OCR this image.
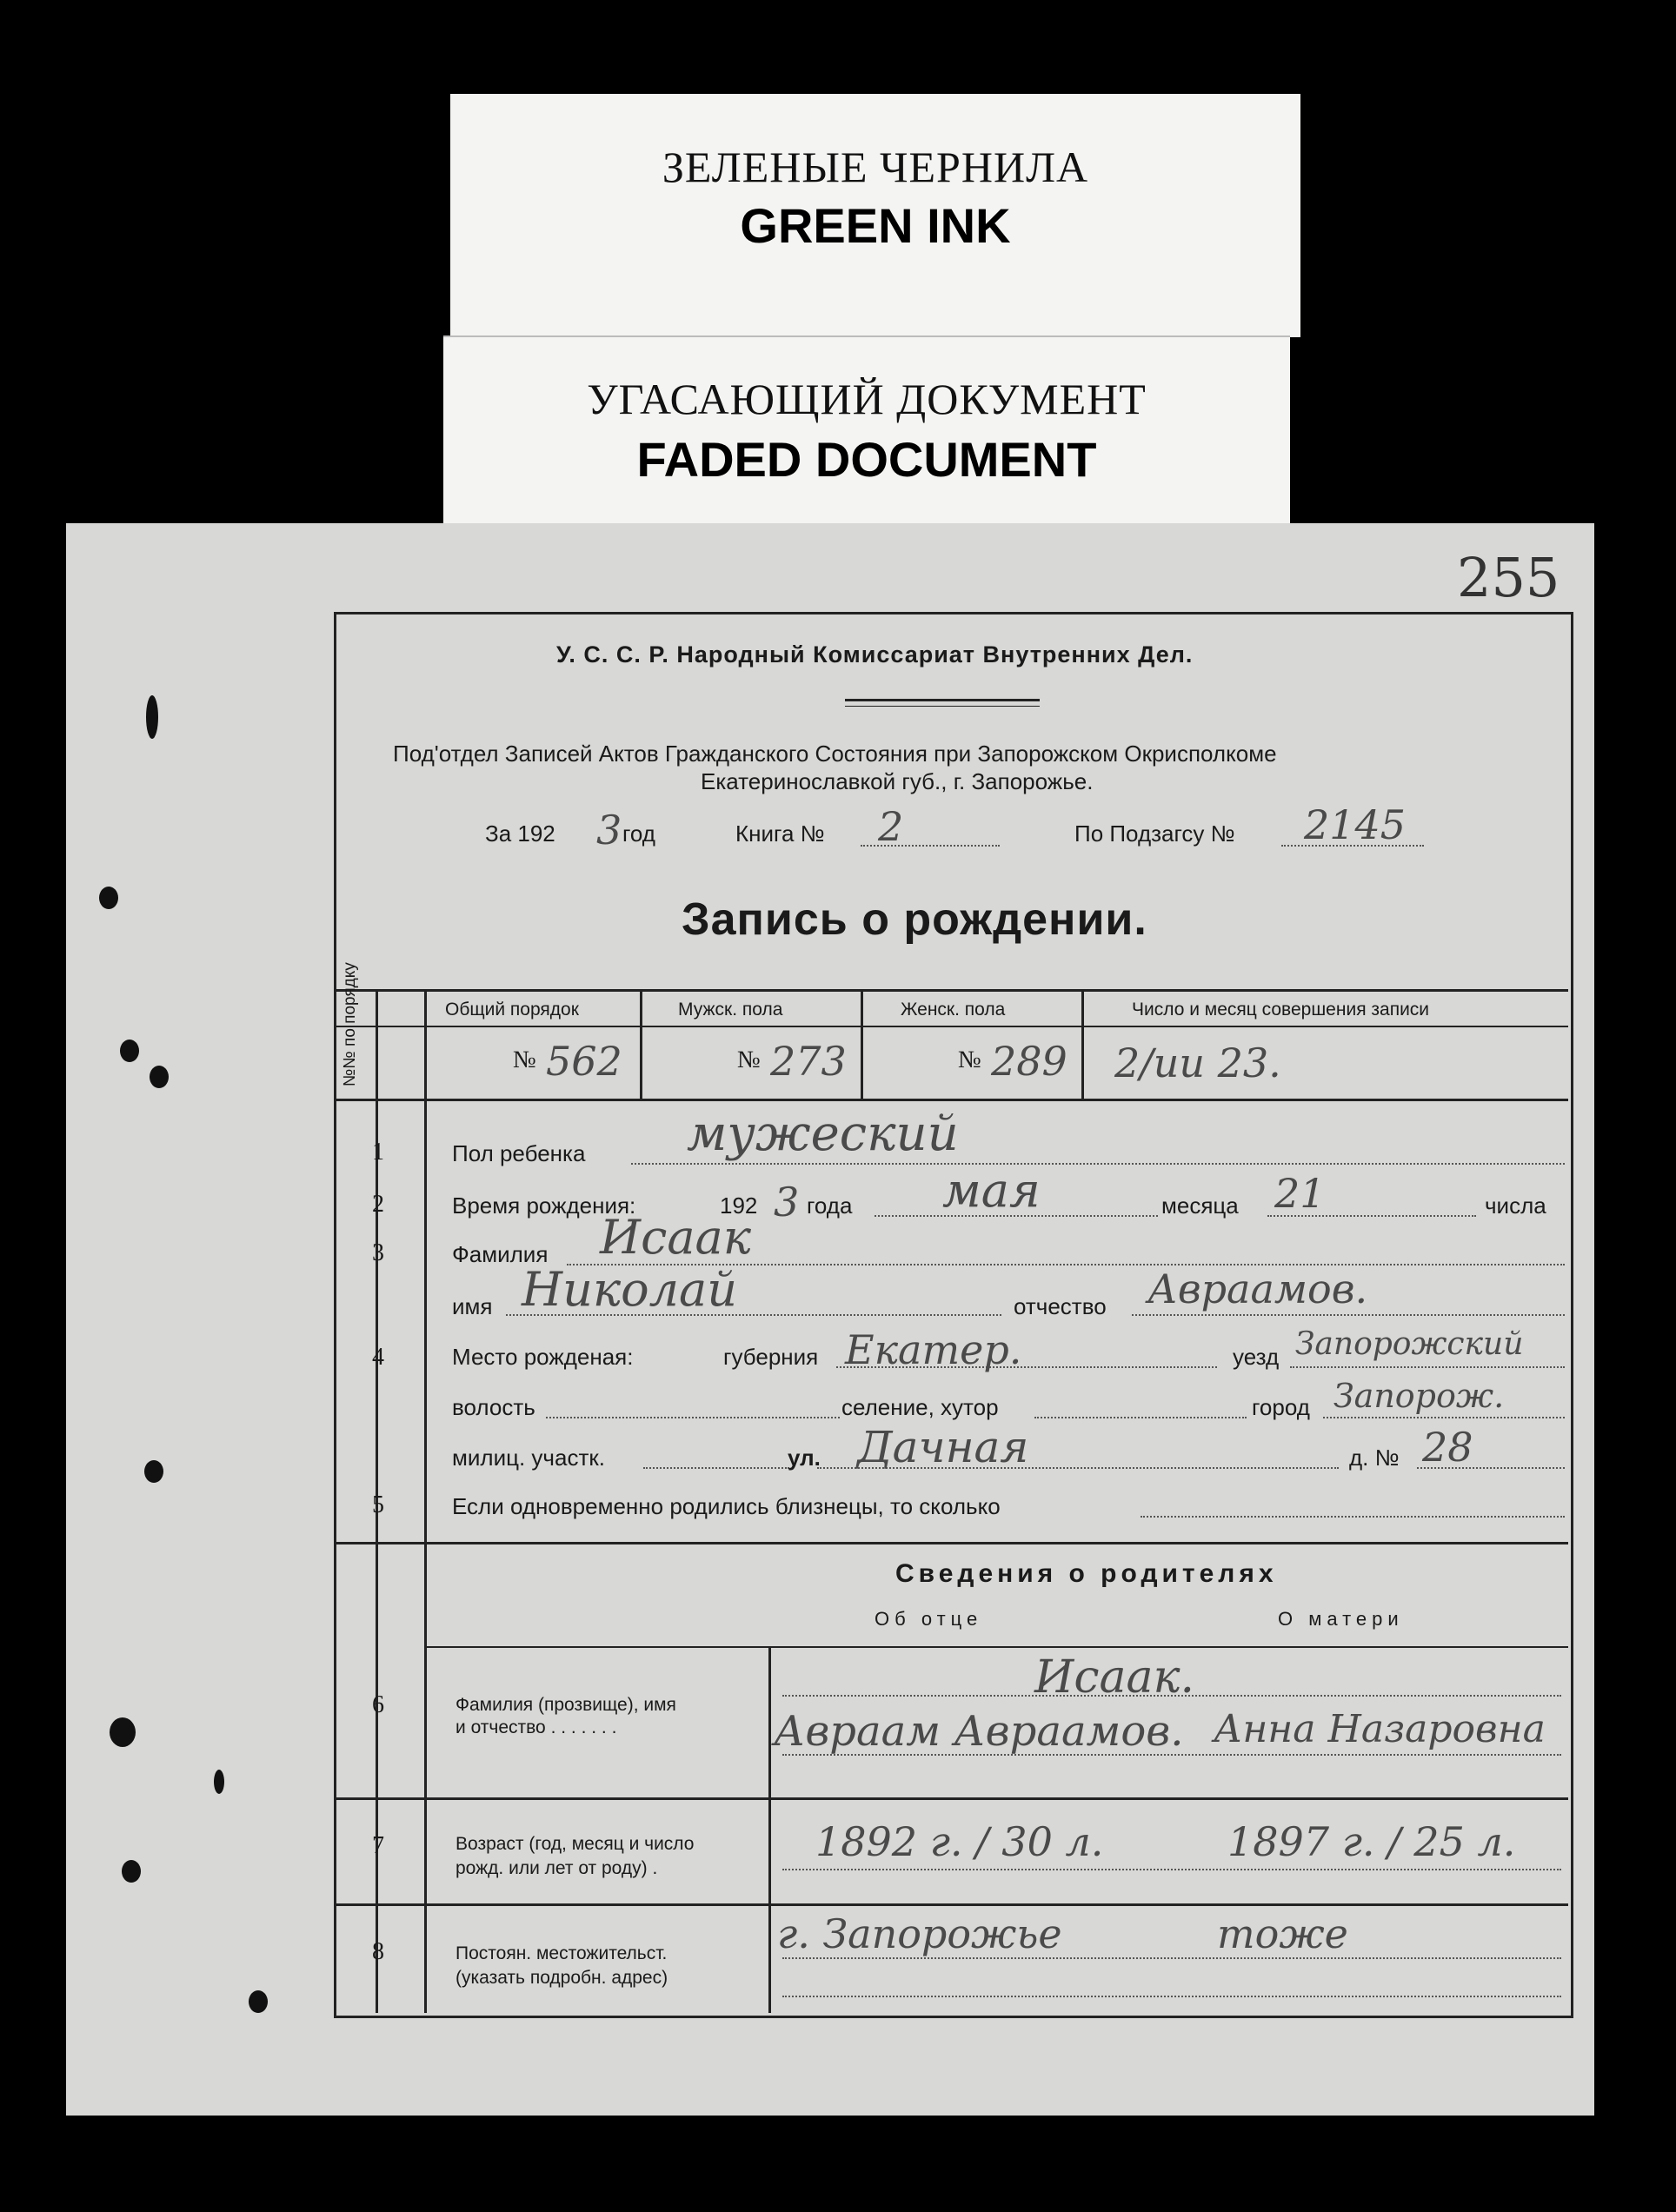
ЗЕЛЕНЫЕ ЧЕРНИЛА
GREEN INK
УГАСАЮЩИЙ ДОКУМЕНТ
FADED DOCUMENT
255
У. С. С. Р. Народный Комиссариат Внутренних Дел.
Под'отдел Записей Актов Гражданского Состояния при Запорожском Окрисполкоме
Екатеринославкой губ., г. Запорожье.
За 192 3 год	Книга № 2	По Подзагсу № 2145
Запись о рождении.
№№ по порядку	Общий порядок	Мужск. пола	Женск. пола	Число и месяц совершения записи
№ 562	№ 273	№ 289 2/ии 23.
1	Пол ребенка мужеский
2	Время рождения:	192 3 года мая	месяца 21	числа
3	Фамилия Исаак
имя Николай	отчество Авраамов.
4	Место рожденая:	губерния Екатер.	уезд Запорожский
волость	селение, хутор	город Запорож.
милиц. участк.	ул. Дачная	д. № 28
5	Если одновременно родились близнецы, то сколько
Сведения о родителях
Об отце	О матери
6	Фамилия (прозвище), имя
и отчество . . . . . . .
Исаак.
Авраам Авраамов. Анна Назаровна
7	Возраст (год, месяц и число
рожд. или лет от роду) .
1892 г. / 30 л.	1897 г. / 25 л.
8	Постоян. местожительст.
(указать подробн. адрес)
г. Запорожье	тоже
